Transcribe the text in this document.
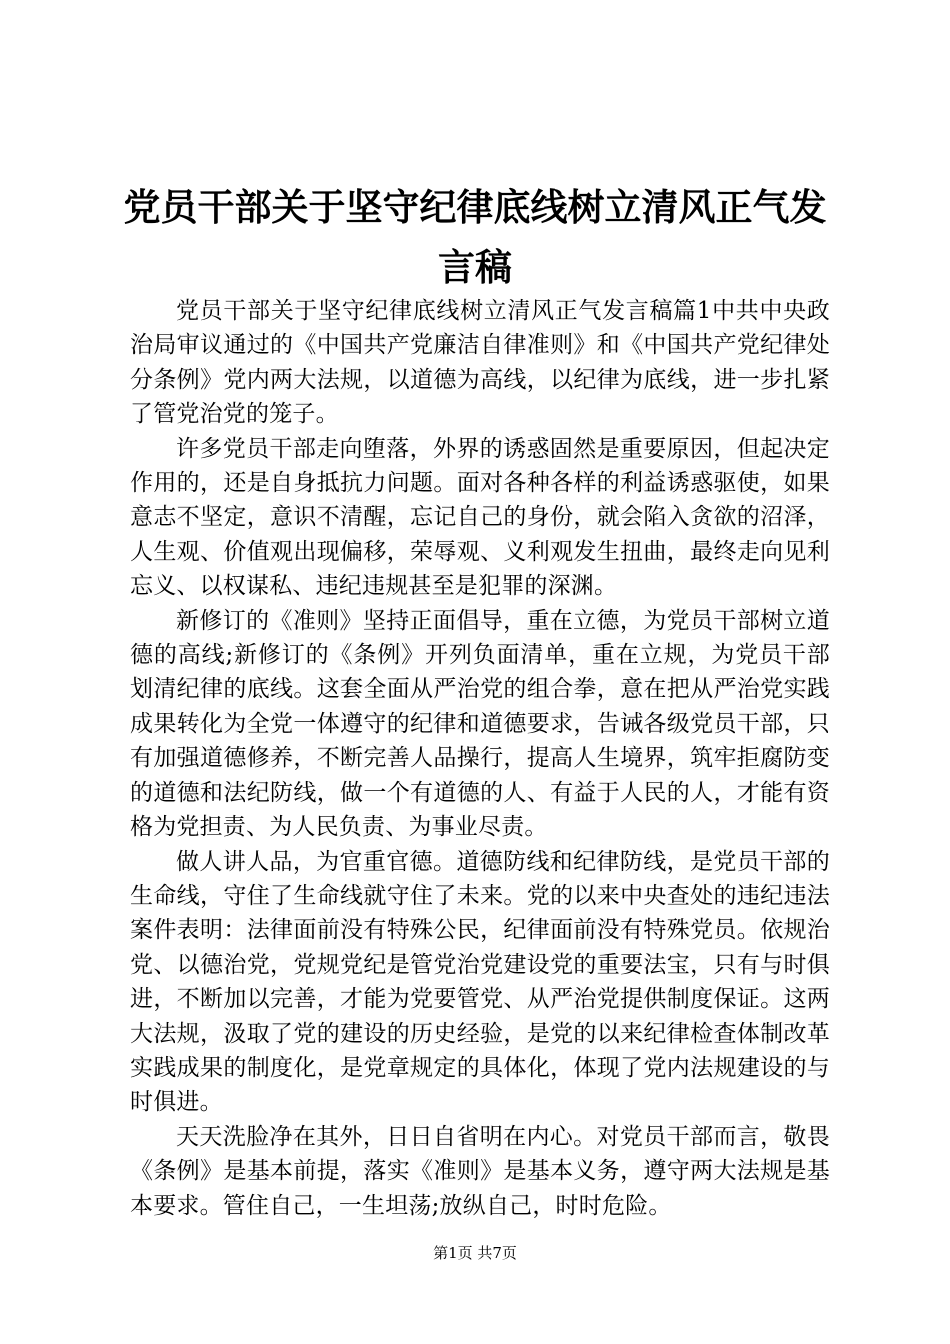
党员干部关于坚守纪律底线树立清风正气发言稿

党员干部关于坚守纪律底线树立清风正气发言稿篇1中共中央政治局审议通过的《中国共产党廉洁自律准则》和《中国共产党纪律处分条例》党内两大法规，以道德为高线，以纪律为底线，进一步扎紧了管党治党的笼子。

许多党员干部走向堕落，外界的诱惑固然是重要原因，但起决定作用的，还是自身抵抗力问题。面对各种各样的利益诱惑驱使，如果意志不坚定，意识不清醒，忘记自己的身份，就会陷入贪欲的沼泽，人生观、价值观出现偏移，荣辱观、义利观发生扭曲，最终走向见利忘义、以权谋私、违纪违规甚至是犯罪的深渊。

新修订的《准则》坚持正面倡导，重在立德，为党员干部树立道德的高线;新修订的《条例》开列负面清单，重在立规，为党员干部划清纪律的底线。这套全面从严治党的组合拳，意在把从严治党实践成果转化为全党一体遵守的纪律和道德要求，告诫各级党员干部，只有加强道德修养，不断完善人品操行，提高人生境界，筑牢拒腐防变的道德和法纪防线，做一个有道德的人、有益于人民的人，才能有资格为党担责、为人民负责、为事业尽责。

做人讲人品，为官重官德。道德防线和纪律防线，是党员干部的生命线，守住了生命线就守住了未来。党的以来中央查处的违纪违法案件表明：法律面前没有特殊公民，纪律面前没有特殊党员。依规治党、以德治党，党规党纪是管党治党建设党的重要法宝，只有与时俱进，不断加以完善，才能为党要管党、从严治党提供制度保证。这两大法规，汲取了党的建设的历史经验，是党的以来纪律检查体制改革实践成果的制度化，是党章规定的具体化，体现了党内法规建设的与时俱进。

天天洗脸净在其外，日日自省明在内心。对党员干部而言，敬畏《条例》是基本前提，落实《准则》是基本义务，遵守两大法规是基本要求。管住自己，一生坦荡;放纵自己，时时危险。

第1页 共7页
